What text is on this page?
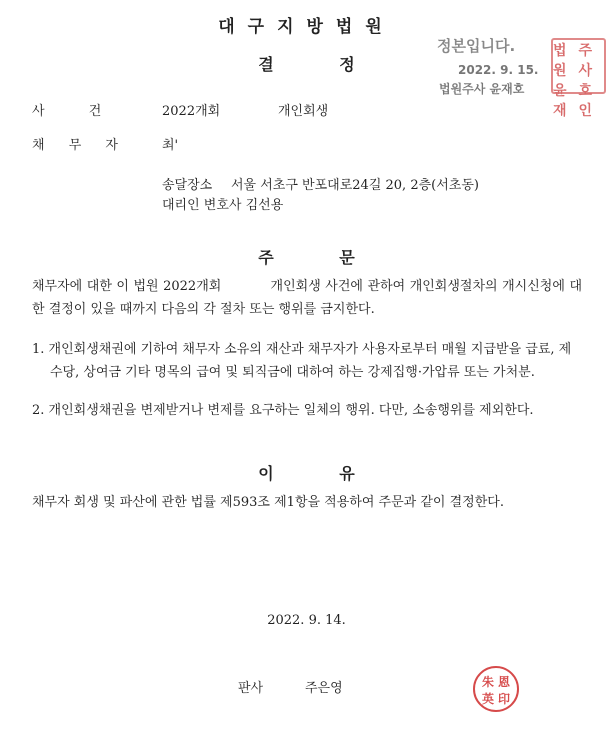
대구지방법원
결 정
정본입니다.
2022. 9. 15.
법원주사 윤재호
법원
주사
윤재
호인
사 건	2022개회	개인회생
채 무 자	최'
송달장소 서울 서초구 반포대로24길 20, 2층(서초동)
대리인 변호사 김선용
주 문
채무자에 대한 이 법원 2022개회 　　　 개인회생 사건에 관하여 개인회생절차의 개시신청에 대한 결정이 있을 때까지 다음의 각 절차 또는 행위를 금지한다.
1. 개인회생채권에 기하여 채무자 소유의 재산과 채무자가 사용자로부터 매월 지급받을 급료, 제수당, 상여금 기타 명목의 급여 및 퇴직금에 대하여 하는 강제집행·가압류 또는 가처분.
2. 개인회생채권을 변제받거나 변제를 요구하는 일체의 행위. 다만, 소송행위를 제외한다.
이 유
채무자 회생 및 파산에 관한 법률 제593조 제1항을 적용하여 주문과 같이 결정한다.
2022. 9. 14.
판사	주은영	朱 恩
英 印
